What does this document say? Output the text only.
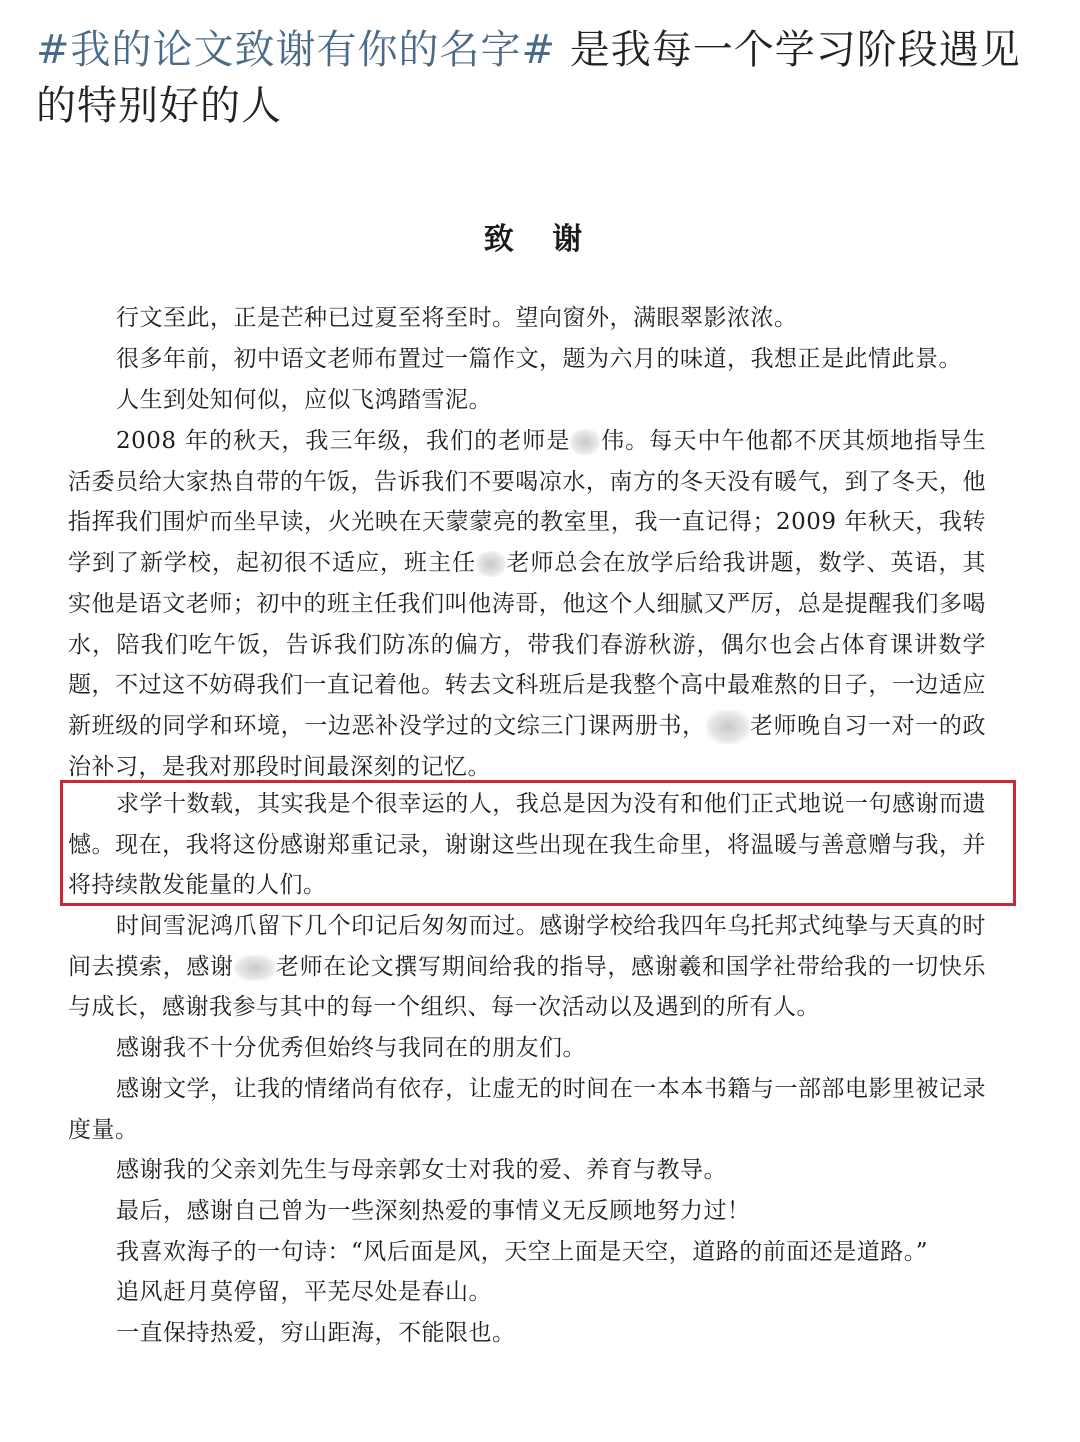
#我的论文致谢有你的名字# 是我每一个学习阶段遇见的特别好的人
致 谢
行文至此，正是芒种已过夏至将至时。望向窗外，满眼翠影浓浓。
很多年前，初中语文老师布置过一篇作文，题为六月的味道，我想正是此情此景。
人生到处知何似，应似飞鸿踏雪泥。
2008 年的秋天，我三年级，我们的老师是 伟。每天中午他都不厌其烦地指导生活委员给大家热自带的午饭，告诉我们不要喝凉水，南方的冬天没有暖气，到了冬天，他指挥我们围炉而坐早读，火光映在天蒙蒙亮的教室里，我一直记得；2009 年秋天，我转学到了新学校，起初很不适应，班主任 老师总会在放学后给我讲题，数学、英语，其实他是语文老师；初中的班主任我们叫他涛哥，他这个人细腻又严厉，总是提醒我们多喝水，陪我们吃午饭，告诉我们防冻的偏方，带我们春游秋游，偶尔也会占体育课讲数学题，不过这不妨碍我们一直记着他。转去文科班后是我整个高中最难熬的日子，一边适应新班级的同学和环境，一边恶补没学过的文综三门课两册书， 老师晚自习一对一的政治补习，是我对那段时间最深刻的记忆。
求学十数载，其实我是个很幸运的人，我总是因为没有和他们正式地说一句感谢而遗憾。现在，我将这份感谢郑重记录，谢谢这些出现在我生命里，将温暖与善意赠与我，并将持续散发能量的人们。
时间雪泥鸿爪留下几个印记后匆匆而过。感谢学校给我四年乌托邦式纯挚与天真的时间去摸索，感谢 老师在论文撰写期间给我的指导，感谢羲和国学社带给我的一切快乐与成长，感谢我参与其中的每一个组织、每一次活动以及遇到的所有人。
感谢我不十分优秀但始终与我同在的朋友们。
感谢文学，让我的情绪尚有依存，让虚无的时间在一本本书籍与一部部电影里被记录度量。
感谢我的父亲刘先生与母亲郭女士对我的爱、养育与教导。
最后，感谢自己曾为一些深刻热爱的事情义无反顾地努力过！
我喜欢海子的一句诗：“风后面是风，天空上面是天空，道路的前面还是道路。”
追风赶月莫停留，平芜尽处是春山。
一直保持热爱，穷山距海，不能限也。
